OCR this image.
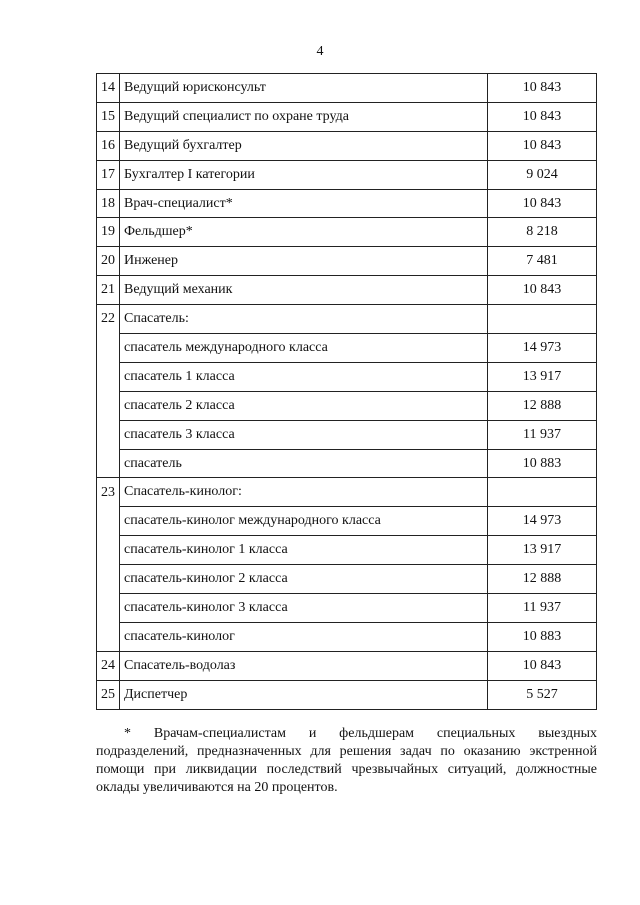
4
14	Ведущий юрисконсульт	10 843
15	Ведущий специалист по охране труда	10 843
16	Ведущий бухгалтер	10 843
17	Бухгалтер I категории	9 024
18	Врач-специалист*	10 843
19	Фельдшер*	8 218
20	Инженер	7 481
21	Ведущий механик	10 843
22	Спасатель:	
	спасатель международного класса	14 973
	спасатель 1 класса	13 917
	спасатель 2 класса	12 888
	спасатель 3 класса	11 937
	спасатель	10 883
23	Спасатель-кинолог:	
	спасатель-кинолог международного класса	14 973
	спасатель-кинолог 1 класса	13 917
	спасатель-кинолог 2 класса	12 888
	спасатель-кинолог 3 класса	11 937
	спасатель-кинолог	10 883
24	Спасатель-водолаз	10 843
25	Диспетчер	5 527

* Врачам-специалистам и фельдшерам специальных выездных

подразделений, предназначенных для решения задач по оказанию экстренной
помощи при ликвидации последствий чрезвычайных ситуаций, должностные
оклады увеличиваются на 20 процентов.
